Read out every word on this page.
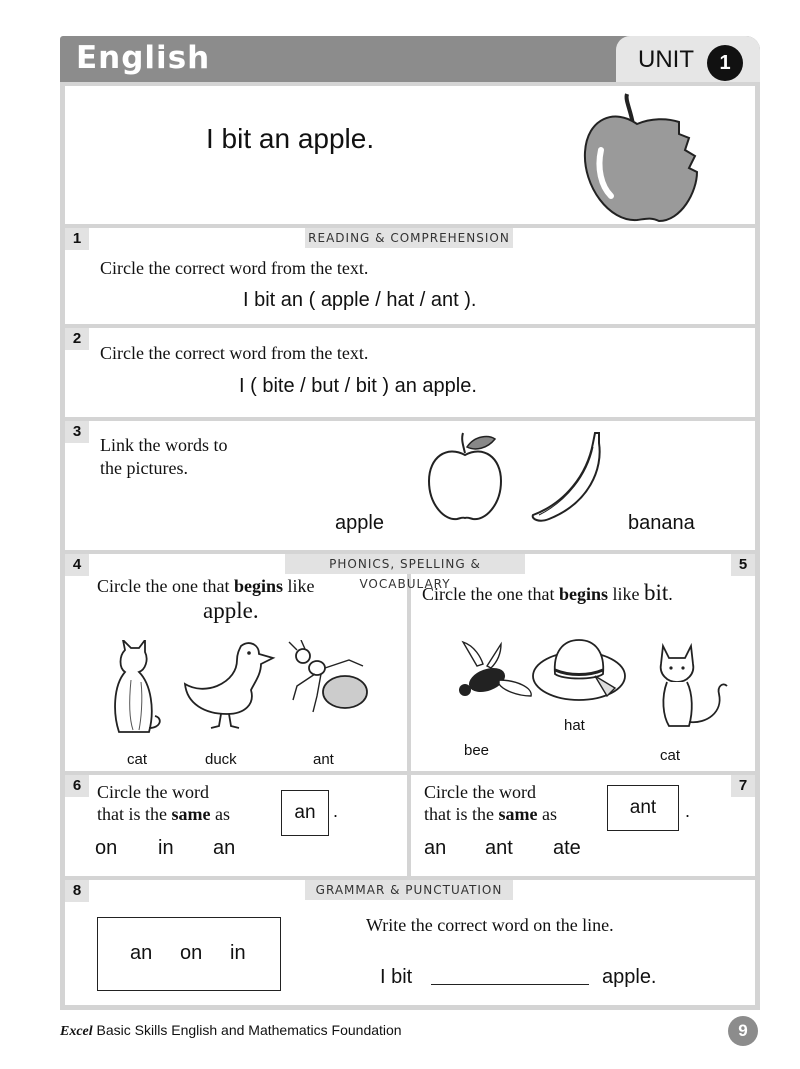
English	UNIT	1
I bit an apple.
1	READING & COMPREHENSION
Circle the correct word from the text.
I bit an ( apple / hat / ant ).
2
Circle the correct word from the text.
I ( bite / but / bit ) an apple.
3
Link the words to
the pictures.
apple	banana
4
Circle the one that begins like
apple.
cat	duck	ant
5
Circle the one that begins like bit.
bee
hat
cat
6 Circle the word
that is the same as	an .
on in an
7
Circle the word
that is the same as	ant	.
an ant ate
8	GRAMMAR & PUNCTUATION
an on in
Write the correct word on the line.
I bit	apple.
PHONICS, SPELLING & VOCABULARY
Excel Basic Skills English and Mathematics Foundation	9
